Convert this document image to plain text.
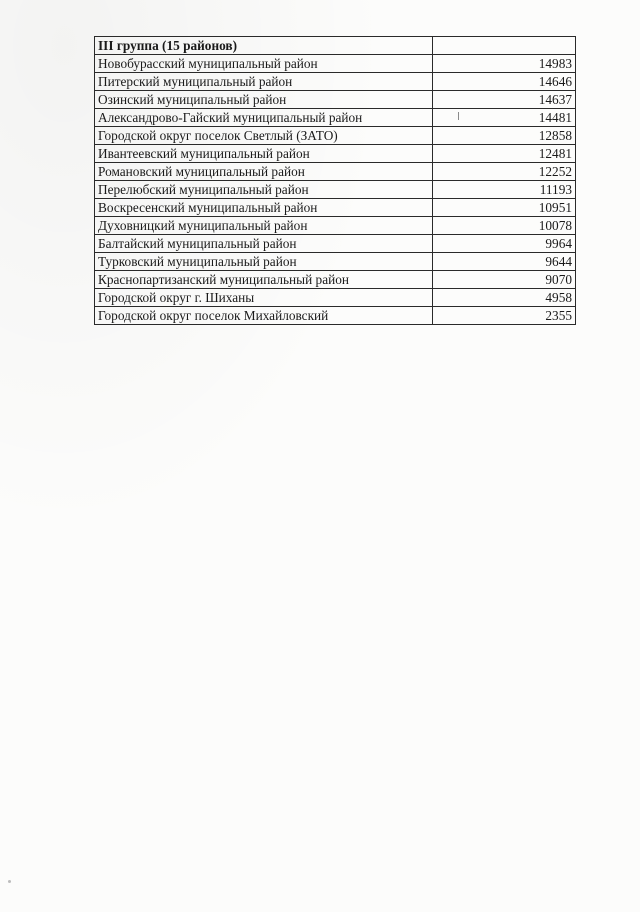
III группа (15 районов)	
Новобурасский муниципальный район	14983
Питерский муниципальный район	14646
Озинский муниципальный район	14637
Александрово-Гайский муниципальный район	14481
Городской округ поселок Светлый (ЗАТО)	12858
Ивантеевский муниципальный район	12481
Романовский муниципальный район	12252
Перелюбский муниципальный район	11193
Воскресенский муниципальный район	10951
Духовницкий муниципальный район	10078
Балтайский муниципальный район	9964
Турковский муниципальный район	9644
Краснопартизанский муниципальный район	9070
Городской округ г. Шиханы	4958
Городской округ поселок Михайловский	2355
